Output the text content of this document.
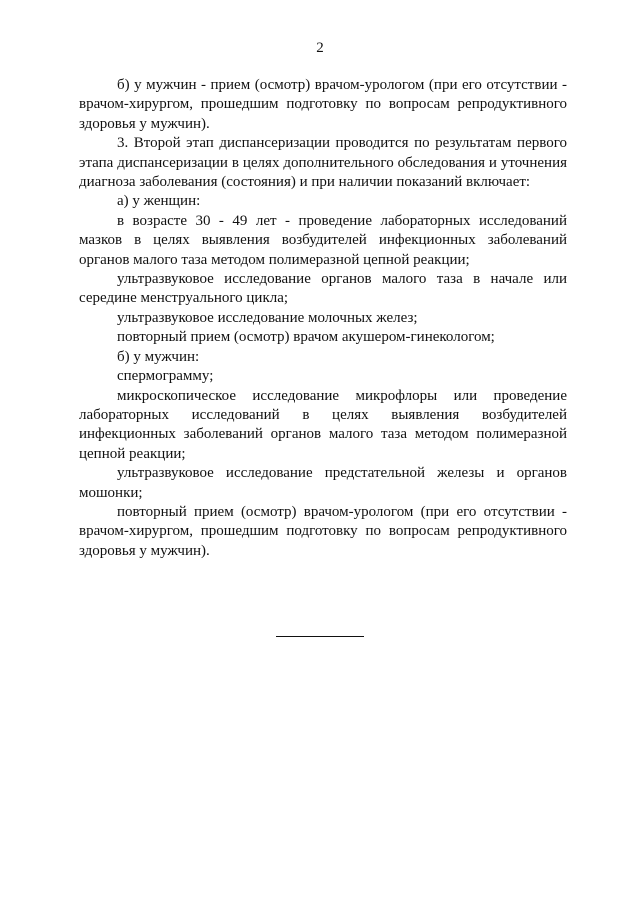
2

б) у мужчин - прием (осмотр) врачом-урологом (при его отсутствии - врачом-хирургом, прошедшим подготовку по вопросам репродуктивного здоровья у мужчин).

3. Второй этап диспансеризации проводится по результатам первого этапа диспансеризации в целях дополнительного обследования и уточнения диагноза заболевания (состояния) и при наличии показаний включает:

а) у женщин:

в возрасте 30 - 49 лет - проведение лабораторных исследований мазков в целях выявления возбудителей инфекционных заболеваний органов малого таза методом полимеразной цепной реакции;

ультразвуковое исследование органов малого таза в начале или середине менструального цикла;

ультразвуковое исследование молочных желез;

повторный прием (осмотр) врачом акушером-гинекологом;

б) у мужчин:

спермограмму;

микроскопическое исследование микрофлоры или проведение лабораторных исследований в целях выявления возбудителей инфекционных заболеваний органов малого таза методом полимеразной цепной реакции;

ультразвуковое исследование предстательной железы и органов мошонки;

повторный прием (осмотр) врачом-урологом (при его отсутствии - врачом-хирургом, прошедшим подготовку по вопросам репродуктивного здоровья у мужчин).
